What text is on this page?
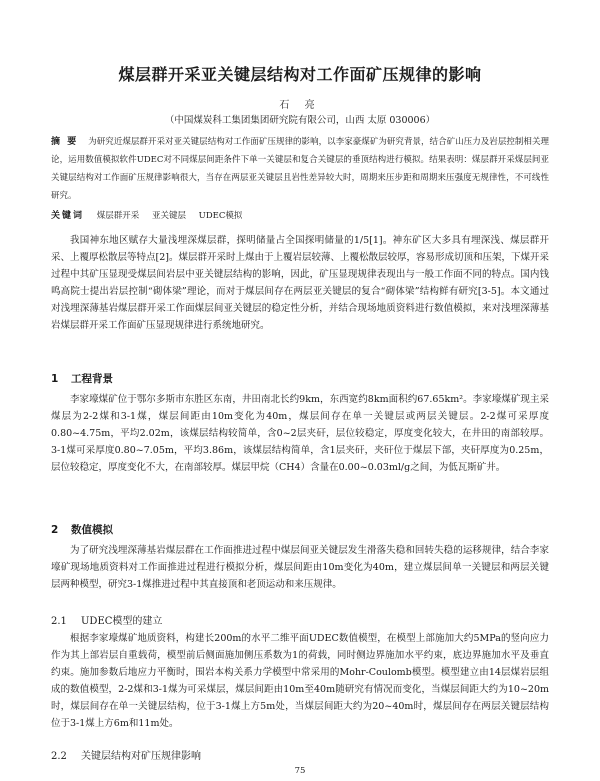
煤层群开采亚关键层结构对工作面矿压规律的影响
石 亮
（中国煤炭科工集团集团研究院有限公司，山西 太原 030006）
摘 要 为研究近煤层群开采对亚关键层结构对工作面矿压规律的影响，以李家豪煤矿为研究背景，结合矿山压力及岩层控制相关理论，运用数值模拟软件UDEC对不同煤层间距条件下单一关键层和复合关键层的垂顶结构进行模拟。结果表明：煤层群开采煤层间亚关键层结构对工作面矿压规律影响很大，当存在两层亚关键层且岩性差异较大时，周期来压步距和周期来压强度无规律性，不可线性研究。
关键词 煤层群开采 亚关键层 UDEC模拟
我国神东地区赋存大量浅埋深煤层群，探明储量占全国探明储量的1/5[1]。神东矿区大多具有埋深浅、煤层群开采、上覆厚松散层等特点[2]。煤层群开采时上煤由于上覆岩层较薄、上覆松散层较厚，容易形成切顶和压架，下煤开采过程中其矿压显现受煤层间岩层中亚关键层结构的影响，因此，矿压显现规律表现出与一般工作面不同的特点。国内钱鸣高院士提出岩层控制“砌体梁”理论，而对于煤层间存在两层亚关键层的复合“砌体梁”结构鲜有研究[3-5]。本文通过对浅埋深薄基岩煤层群开采工作面煤层间亚关键层的稳定性分析，并结合现场地质资料进行数值模拟，来对浅埋深薄基岩煤层群开采工作面矿压显现规律进行系统地研究。
1 工程背景
李家壕煤矿位于鄂尔多斯市东胜区东南，井田南北长约9km，东西宽约8km面积约67.65km²。李家壕煤矿现主采煤层为2-2煤和3-1煤，煤层间距由10m变化为40m，煤层间存在单一关键层或两层关键层。2-2煤可采厚度0.80~4.75m，平均2.02m，该煤层结构较简单，含0~2层夹矸，层位较稳定，厚度变化较大，在井田的南部较厚。3-1煤可采厚度0.80~7.05m，平均3.86m，该煤层结构简单，含1层夹矸，夹矸位于煤层下部，夹矸厚度为0.25m，层位较稳定，厚度变化不大，在南部较厚。煤层甲烷（CH4）含量在0.00~0.03ml/g之间，为低瓦斯矿井。
2 数值模拟
为了研究浅埋深薄基岩煤层群在工作面推进过程中煤层间亚关键层发生滑落失稳和回转失稳的运移规律，结合李家壕矿现场地质资料对工作面推进过程进行模拟分析，煤层间距由10m变化为40m，建立煤层间单一关键层和两层关键层两种模型，研究3-1煤推进过程中其直接顶和老顶运动和来压规律。
2.1 UDEC模型的建立
根据李家壕煤矿地质资料，构建长200m的水平二维平面UDEC数值模型，在模型上部施加大约5MPa的竖向应力作为其上部岩层自重载荷，模型前后侧面施加侧压系数为1的荷载，同时侧边界施加水平约束，底边界施加水平及垂直约束。施加参数后地应力平衡时，围岩本构关系力学模型中常采用的Mohr-Coulomb模型。模型建立由14层煤岩层组成的数值模型，2-2煤和3-1煤为可采煤层，煤层间距由10m至40m随研究有情况而变化，当煤层间距大约为10~20m时，煤层间存在单一关键层结构，位于3-1煤上方5m处，当煤层间距大约为20~40m时，煤层间存在两层关键层结构位于3-1煤上方6m和11m处。
2.2 关键层结构对矿压规律影响
75
